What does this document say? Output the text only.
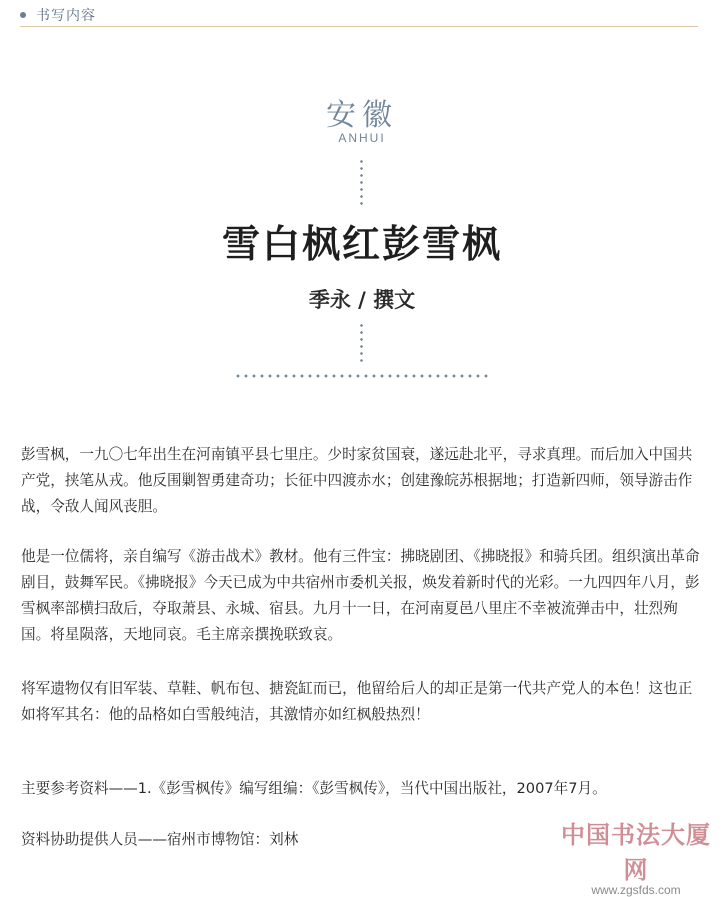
书写内容
安徽
ANHUI
雪白枫红彭雪枫
季永 / 撰文

彭雪枫，一九〇七年出生在河南镇平县七里庄。少时家贫国衰，遂远赴北平，寻求真理。而后加入中国共产党，挟笔从戎。他反围剿智勇建奇功；长征中四渡赤水；创建豫皖苏根据地；打造新四师，领导游击作战，令敌人闻风丧胆。

他是一位儒将，亲自编写《游击战术》教材。他有三件宝：拂晓剧团、《拂晓报》和骑兵团。组织演出革命剧目，鼓舞军民。《拂晓报》今天已成为中共宿州市委机关报，焕发着新时代的光彩。一九四四年八月，彭雪枫率部横扫敌后，夺取萧县、永城、宿县。九月十一日，在河南夏邑八里庄不幸被流弹击中，壮烈殉国。将星陨落，天地同哀。毛主席亲撰挽联致哀。

将军遗物仅有旧军装、草鞋、帆布包、搪瓷缸而已，他留给后人的却正是第一代共产党人的本色！这也正如将军其名：他的品格如白雪般纯洁，其激情亦如红枫般热烈！

主要参考资料——1.《彭雪枫传》编写组编：《彭雪枫传》，当代中国出版社，2007年7月。

资料协助提供人员——宿州市博物馆：刘林	中国书法大厦网
www.zgsfds.com
